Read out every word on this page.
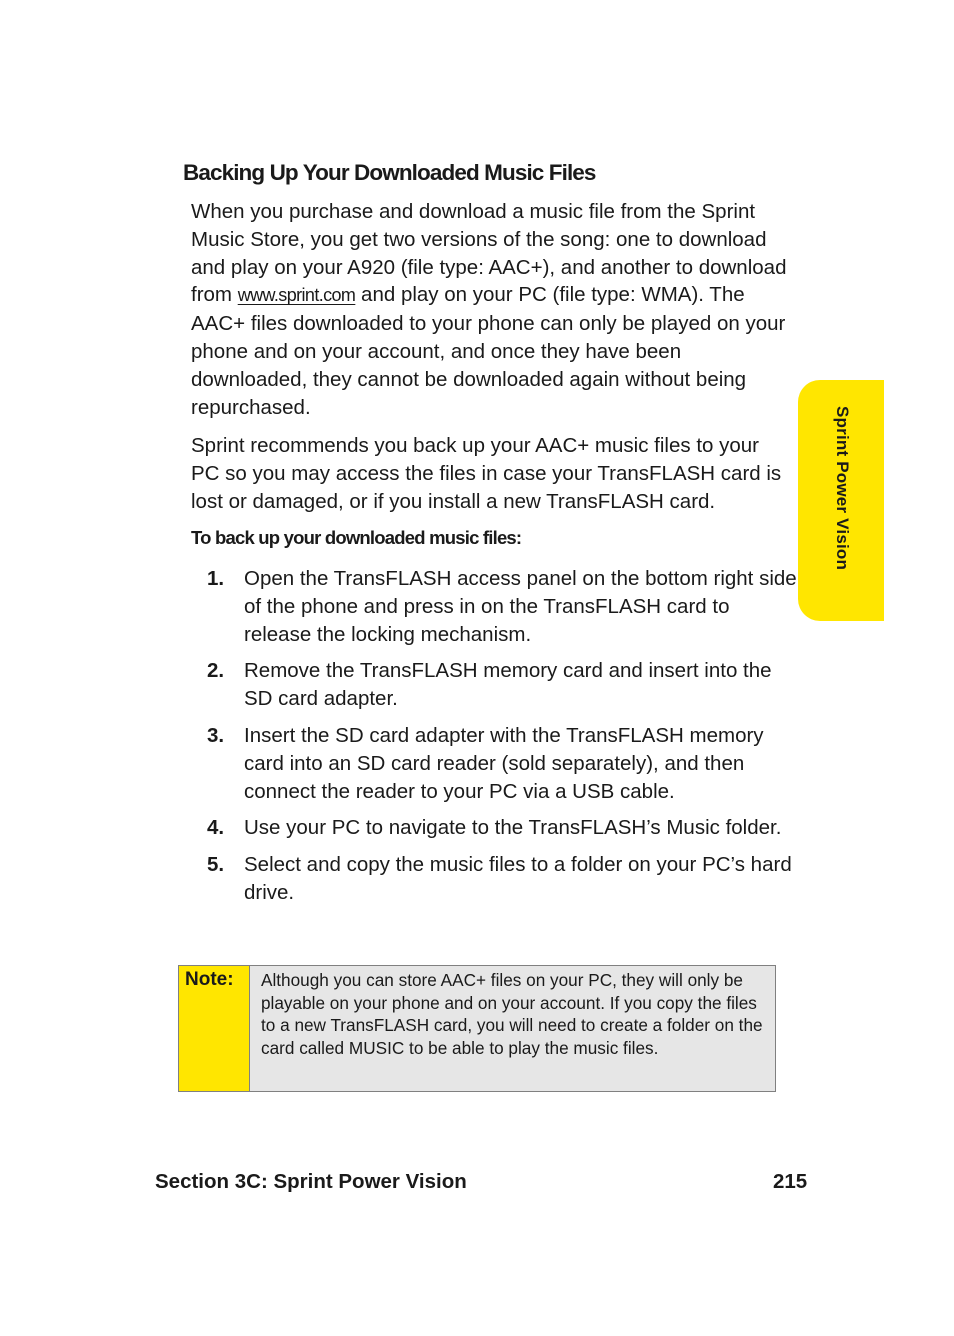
Backing Up Your Downloaded Music Files

When you purchase and download a music file from the Sprint Music Store, you get two versions of the song: one to download and play on your A920 (file type: AAC+), and another to download from www.sprint.com and play on your PC (file type: WMA). The AAC+ files downloaded to your phone can only be played on your phone and on your account, and once they have been downloaded, they cannot be downloaded again without being repurchased.

Sprint recommends you back up your AAC+ music files to your PC so you may access the files in case your TransFLASH card is lost or damaged, or if you install a new TransFLASH card.

To back up your downloaded music files:
1. Open the TransFLASH access panel on the bottom right side of the phone and press in on the TransFLASH card to release the locking mechanism.
2. Remove the TransFLASH memory card and insert into the SD card adapter.
3. Insert the SD card adapter with the TransFLASH memory card into an SD card reader (sold separately), and then connect the reader to your PC via a USB cable.
4. Use your PC to navigate to the TransFLASH’s Music folder.
5. Select and copy the music files to a folder on your PC’s hard drive.
Note:	Although you can store AAC+ files on your PC, they will only be playable on your phone and on your account. If you copy the files to a new TransFLASH card, you will need to create a folder on the card called MUSIC to be able to play the music files.
Sprint Power Vision
Section 3C: Sprint Power Vision	215
